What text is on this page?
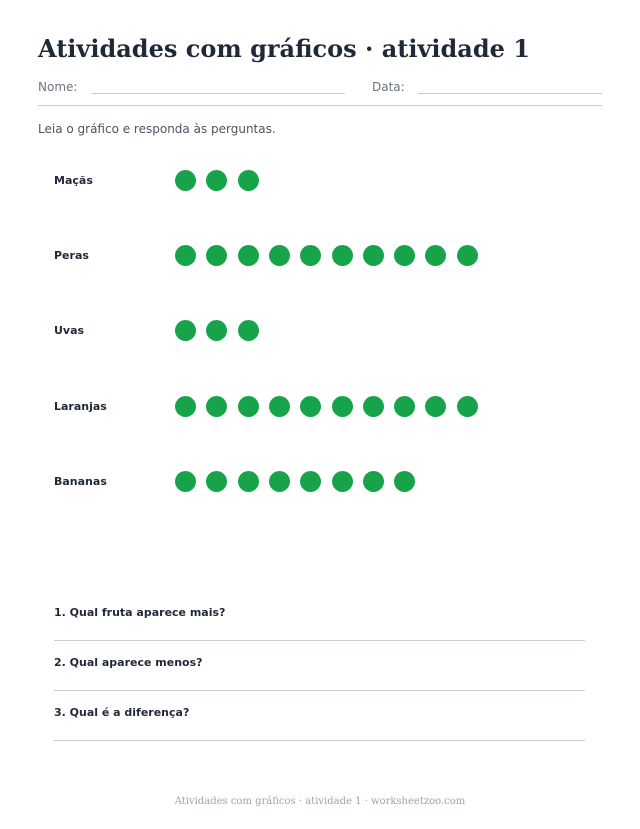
Atividades com gráficos · atividade 1
Nome:	Data:
Leia o gráfico e responda às perguntas.
Maçãs
Peras
Uvas
Laranjas
Bananas
1. Qual fruta aparece mais?
2. Qual aparece menos?
3. Qual é a diferença?
Atividades com gráficos · atividade 1 · worksheetzoo.com
